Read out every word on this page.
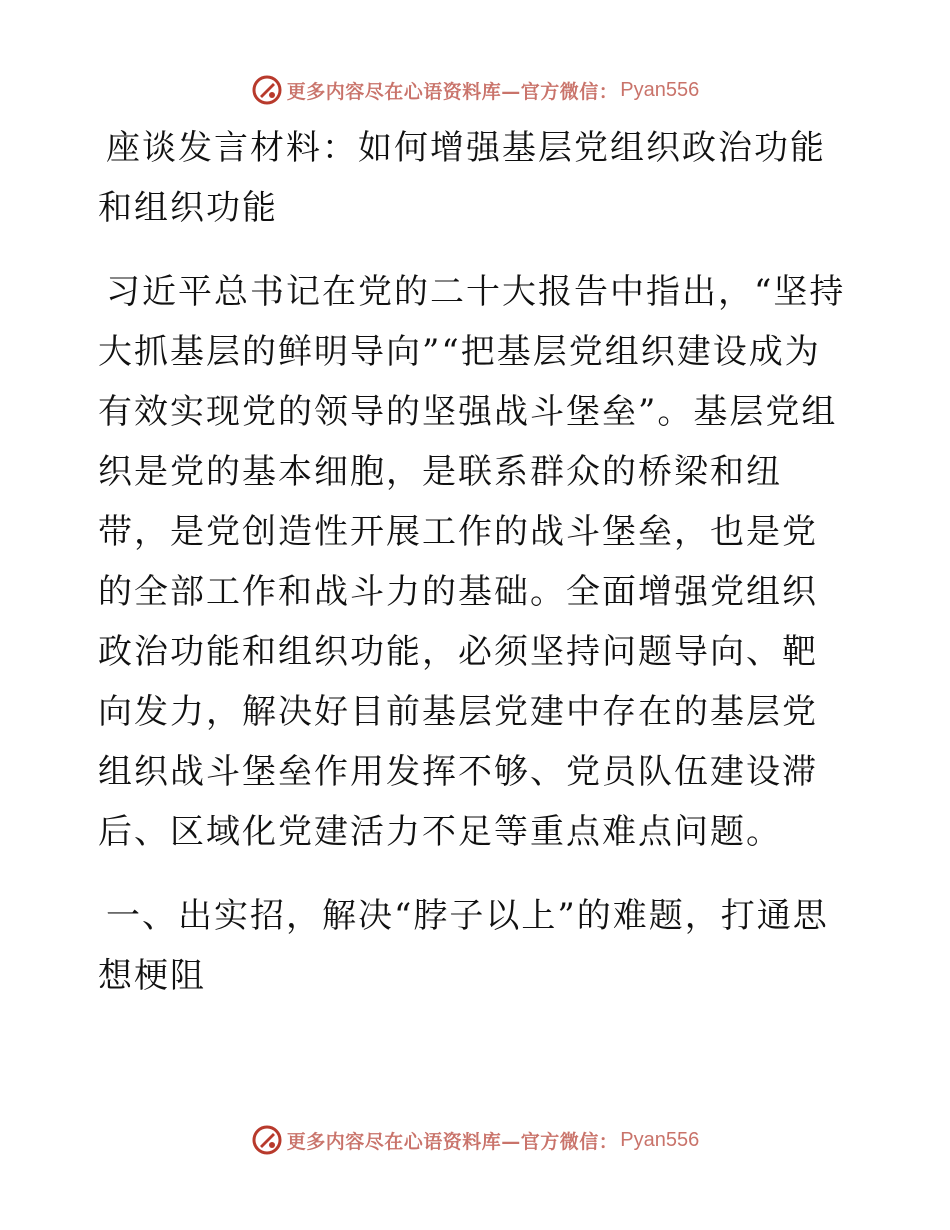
更多内容尽在心语资料库—官方微信： Pyan556

座谈发言材料：如何增强基层党组织政治功能和组织功能

习近平总书记在党的二十大报告中指出，“坚持大抓基层的鲜明导向”“把基层党组织建设成为有效实现党的领导的坚强战斗堡垒”。基层党组织是党的基本细胞，是联系群众的桥梁和纽带，是党创造性开展工作的战斗堡垒，也是党的全部工作和战斗力的基础。全面增强党组织政治功能和组织功能，必须坚持问题导向、靶向发力，解决好目前基层党建中存在的基层党组织战斗堡垒作用发挥不够、党员队伍建设滞后、区域化党建活力不足等重点难点问题。

一、出实招，解决“脖子以上”的难题，打通思想梗阻

更多内容尽在心语资料库—官方微信： Pyan556
